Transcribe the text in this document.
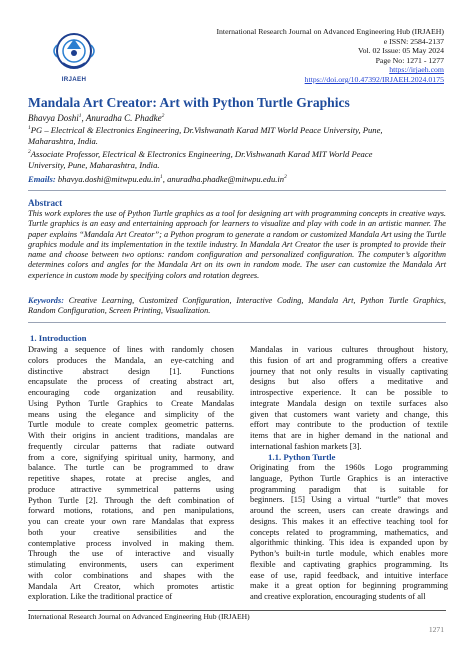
IRJAEH
International Research Journal on Advanced Engineering Hub (IRJAEH)
e ISSN: 2584-2137
Vol. 02 Issue: 05 May 2024
Page No: 1271 - 1277
https://irjaeh.com
https://doi.org/10.47392/IRJAEH.2024.0175
Mandala Art Creator: Art with Python Turtle Graphics
Bhavya Doshi$^1$, Anuradha C. Phadke$^2$
$^1$PG – Electrical & Electronics Engineering, Dr.Vishwanath Karad MIT World Peace University, Pune,
Maharashtra, India.
$^2$Associate Professor, Electrical & Electronics Engineering, Dr.Vishwanath Karad MIT World Peace
University, Pune, Maharashtra, India.
Emails: $bhavya.doshi@mitwpu.edu.in^1$, $anuradha.phadke@mitwpu.edu.in^2$
Abstract
This work explores the use of Python Turtle graphics as a tool for designing art with programming concepts in creative ways. Turtle graphics is an easy and entertaining approach for learners to visualize and play with code in an artistic manner. The paper explains “Mandala Art Creator”; a Python program to generate a random or customized Mandala Art using the Turtle graphics module and its implementation in the textile industry. In Mandala Art Creator the user is prompted to provide their name and choose between two options: random configuration and personalized configuration. The computer’s algorithm determines colors and angles for the Mandala Art on its own in random mode. The user can customize the Mandala Art experience in custom mode by specifying colors and rotation degrees.
Keywords: Creative Learning, Customized Configuration, Interactive Coding, Mandala Art, Python Turtle Graphics, Random Configuration, Screen Printing, Visualization.
1. Introduction
Drawing a sequence of lines with randomly chosen
colors produces the Mandala, an eye-catching and
distinctive abstract design [1]. Functions
encapsulate the process of creating abstract art,
encouraging code organization and reusability.
Using Python Turtle Graphics to Create Mandalas
means using the elegance and simplicity of the
Turtle module to create complex geometric patterns.
With their origins in ancient traditions, mandalas are
frequently circular patterns that radiate outward
from a core, signifying spiritual unity, harmony, and
balance. The turtle can be programmed to draw
repetitive shapes, rotate at precise angles, and
produce attractive symmetrical patterns using
Python Turtle [2]. Through the deft combination of
forward motions, rotations, and pen manipulations,
you can create your own rare Mandalas that express
both your creative sensibilities and the
contemplative process involved in making them.
Through the use of interactive and visually
stimulating environments, users can experiment
with color combinations and shapes with the
Mandala Art Creator, which promotes artistic
exploration. Like the traditional practice of
Mandalas in various cultures throughout history,
this fusion of art and programming offers a creative
journey that not only results in visually captivating
designs but also offers a meditative and
introspective experience. It can be possible to
integrate Mandala design on textile surfaces also
given that customers want variety and change, this
effort may contribute to the production of textile
items that are in higher demand in the national and
international fashion markets [3].
1.1. Python Turtle
Originating from the 1960s Logo programming
language, Python Turtle Graphics is an interactive
programming paradigm that is suitable for
beginners. [15] Using a virtual “turtle” that moves
around the screen, users can create drawings and
designs. This makes it an effective teaching tool for
concepts related to programming, mathematics, and
algorithmic thinking. This idea is expanded upon by
Python’s built-in turtle module, which enables more
flexible and captivating graphics programming. Its
ease of use, rapid feedback, and intuitive interface
make it a great option for beginning programming
and creative exploration, encouraging students of all
International Research Journal on Advanced Engineering Hub (IRJAEH)
1271
